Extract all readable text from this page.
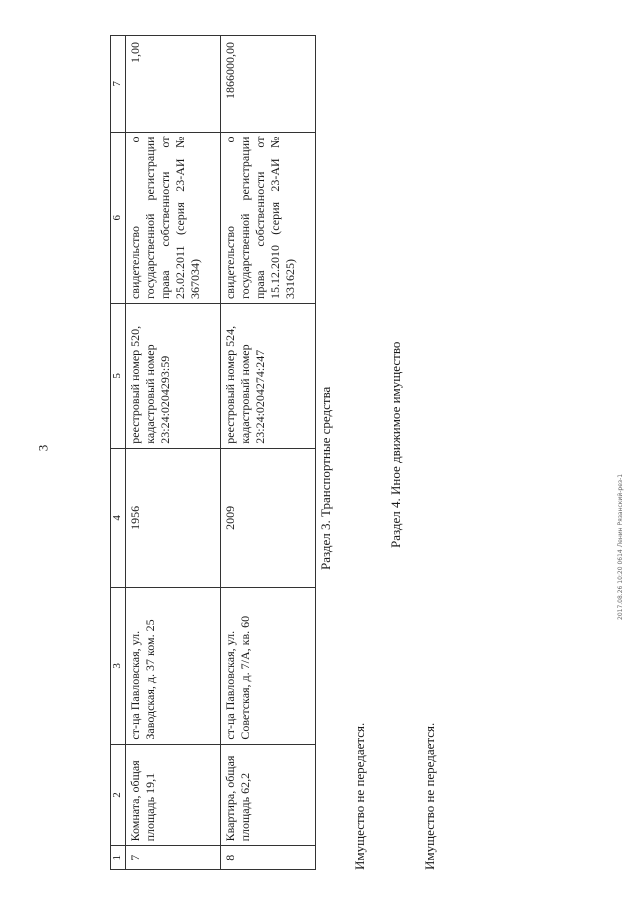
3
1	2	3	4	5	6	7
7	Комната, общая площадь 19,1	ст-ца Павловская, ул. Заводская, д. 37 ком. 25	1956	реестровый номер 520, кадастровый номер 23:24:0204293:59	свидетельство о государственной регистрации права собственности от 25.02.2011 (серия 23-АИ № 367034)	1,00
8	Квартира, общая площадь 62,2	ст-ца Павловская, ул. Советская, д. 7/А, кв. 60	2009	реестровый номер 524, кадастровый номер 23:24:0204274:247	свидетельство о государственной регистрации права собственности от 15.12.2010 (серия 23-АИ № 331625)	1866000,00
Имущество не передается.
Раздел 3. Транспортные средства	Раздел 4. Иное движимое имущество
Имущество не передается.
2017.08.26 10:20 0614 Ленин Рязанский-рез-1
